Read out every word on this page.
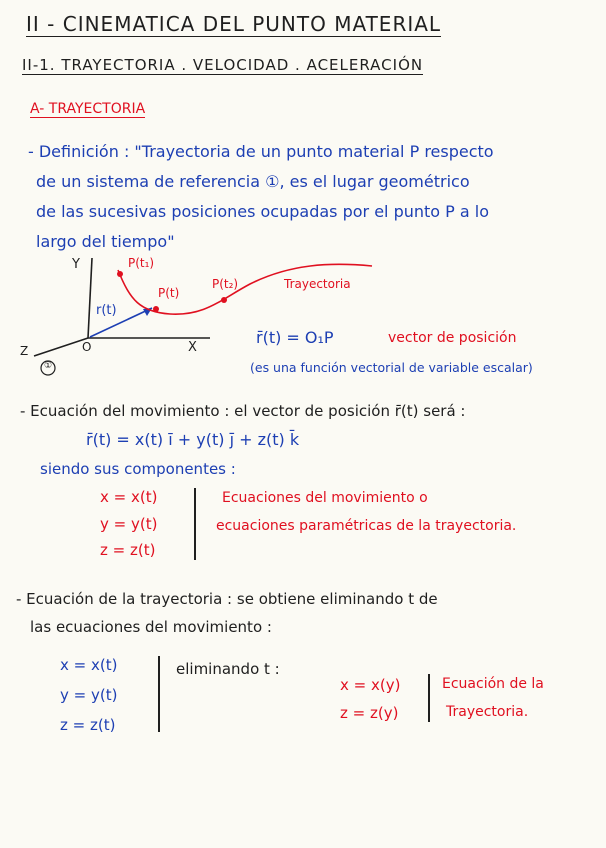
II - CINEMATICA DEL PUNTO MATERIAL
II-1. TRAYECTORIA . VELOCIDAD . ACELERACIÓN
A- TRAYECTORIA
- Definición : "Trayectoria de un punto material P respecto
de un sistema de referencia ①, es el lugar geométrico
de las sucesivas posiciones ocupadas por el punto P a lo
largo del tiempo"
Y
X
Z	O
①
P(t₁)
P(t)
P(t₂)
r(t)
Trayectoria
r̄(t) = O₁P	vector de posición
(es una función vectorial de variable escalar)
- Ecuación del movimiento : el vector de posición r̄(t) será :
r̄(t) = x(t) ī + y(t) j̄ + z(t) k̄
siendo sus componentes :
x = x(t)
y = y(t)
z = z(t)
Ecuaciones del movimiento o
ecuaciones paramétricas de la trayectoria.
- Ecuación de la trayectoria : se obtiene eliminando t de
las ecuaciones del movimiento :
x = x(t)
y = y(t)
z = z(t)
eliminando t :
x = x(y)
z = z(y)
Ecuación de la
Trayectoria.
